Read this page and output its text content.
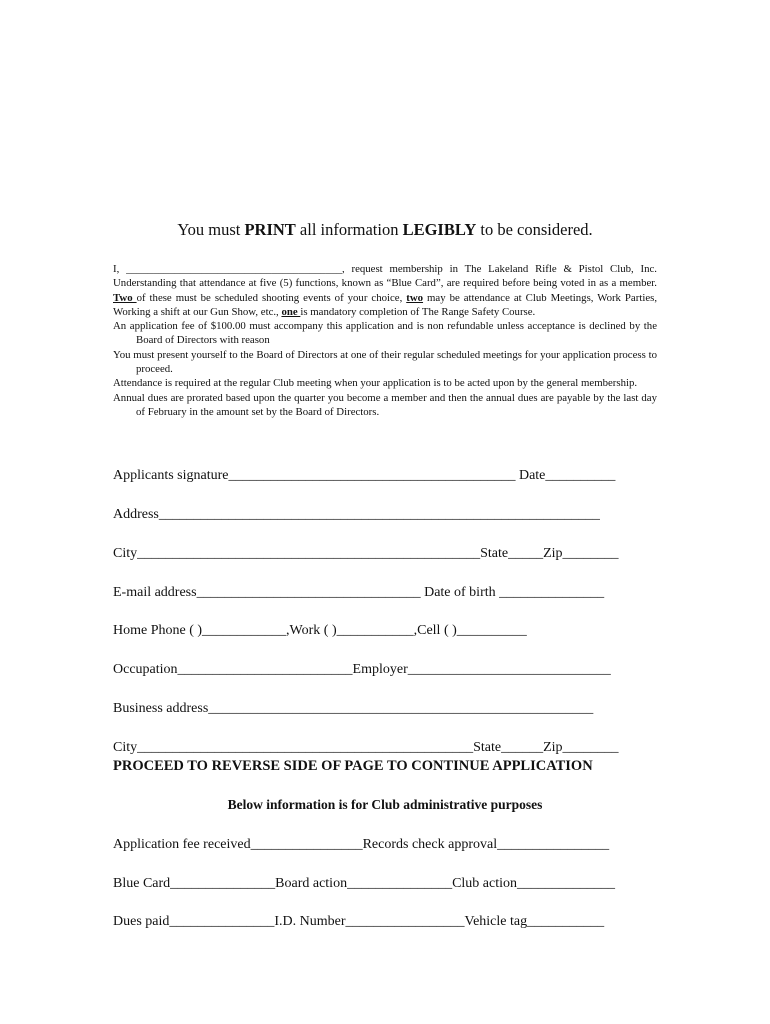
You must PRINT all information LEGIBLY to be considered.

I, ________________________________________, request membership in The Lakeland Rifle & Pistol Club, Inc. Understanding that attendance at five (5) functions, known as “Blue Card”, are required before being voted in as a member. Two of these must be scheduled shooting events of your choice, two may be attendance at Club Meetings, Work Parties, Working a shift at our Gun Show, etc., one is mandatory completion of The Range Safety Course.

An application fee of $100.00 must accompany this application and is non refundable unless acceptance is declined by the Board of Directors with reason

You must present yourself to the Board of Directors at one of their regular scheduled meetings for your application process to proceed.

Attendance is required at the regular Club meeting when your application is to be acted upon by the general membership.

Annual dues are prorated based upon the quarter you become a member and then the annual dues are payable by the last day of February in the amount set by the Board of Directors.

Applicants signature_________________________________________ Date__________
Address_______________________________________________________________
City_________________________________________________State_____Zip________
E-mail address________________________________ Date of birth _______________
Home Phone ( )____________,Work ( )___________,Cell ( )__________
Occupation_________________________Employer_____________________________
Business address_______________________________________________________
City________________________________________________State______Zip________
PROCEED TO REVERSE SIDE OF PAGE TO CONTINUE APPLICATION
Below information is for Club administrative purposes
Application fee received________________Records check approval________________
Blue Card_______________Board action_______________Club action______________
Dues paid_______________I.D. Number_________________Vehicle tag___________
